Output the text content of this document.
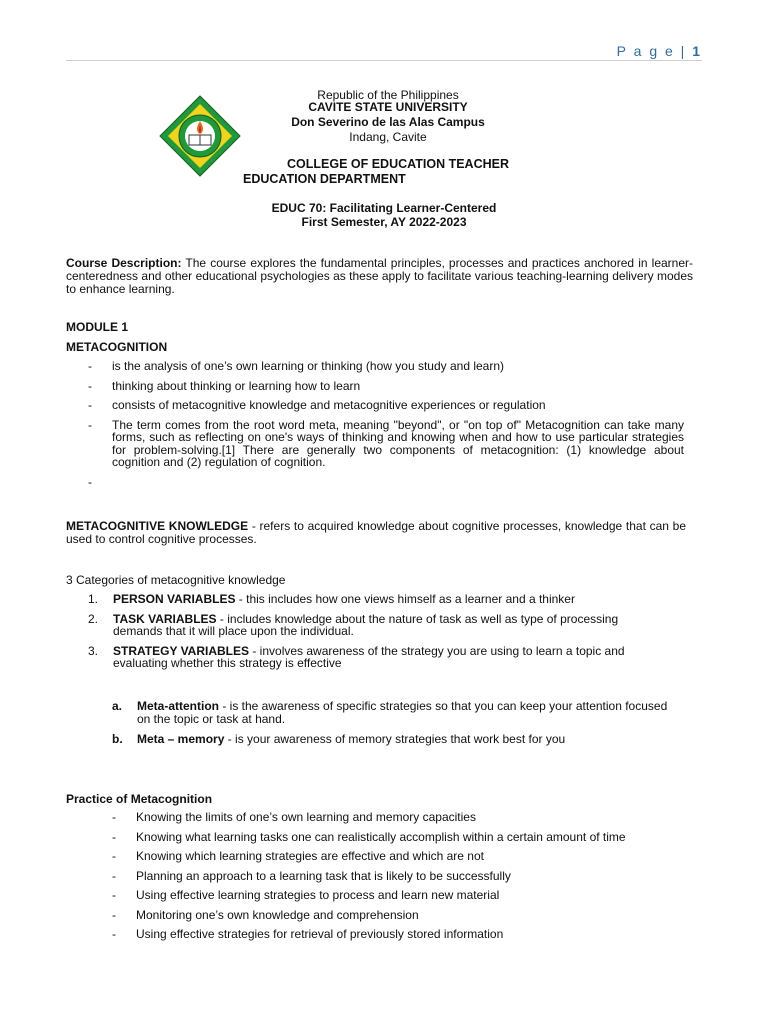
P a g e | 1
Republic of the Philippines
CAVITE STATE UNIVERSITY
Don Severino de las Alas Campus
Indang, Cavite
COLLEGE OF EDUCATION TEACHER
EDUCATION DEPARTMENT
EDUC 70: Facilitating Learner-Centered
First Semester, AY 2022-2023
Course Description: The course explores the fundamental principles, processes and practices anchored in learner-centeredness and other educational psychologies as these apply to facilitate various teaching-learning delivery modes to enhance learning.
MODULE 1
METACOGNITION
- is the analysis of one’s own learning or thinking (how you study and learn)
- thinking about thinking or learning how to learn
- consists of metacognitive knowledge and metacognitive experiences or regulation
- The term comes from the root word meta, meaning "beyond", or "on top of" Metacognition can take many forms, such as reflecting on one's ways of thinking and knowing when and how to use particular strategies for problem-solving.[1] There are generally two components of metacognition: (1) knowledge about cognition and (2) regulation of cognition.
-
METACOGNITIVE KNOWLEDGE - refers to acquired knowledge about cognitive processes, knowledge that can be used to control cognitive processes.
3 Categories of metacognitive knowledge
1. PERSON VARIABLES - this includes how one views himself as a learner and a thinker
2. TASK VARIABLES - includes knowledge about the nature of task as well as type of processing demands that it will place upon the individual.
3. STRATEGY VARIABLES - involves awareness of the strategy you are using to learn a topic and evaluating whether this strategy is effective
a. Meta-attention - is the awareness of specific strategies so that you can keep your attention focused on the topic or task at hand.
b. Meta – memory - is your awareness of memory strategies that work best for you
Practice of Metacognition
- Knowing the limits of one’s own learning and memory capacities
- Knowing what learning tasks one can realistically accomplish within a certain amount of time
- Knowing which learning strategies are effective and which are not
- Planning an approach to a learning task that is likely to be successfully
- Using effective learning strategies to process and learn new material
- Monitoring one’s own knowledge and comprehension
- Using effective strategies for retrieval of previously stored information
